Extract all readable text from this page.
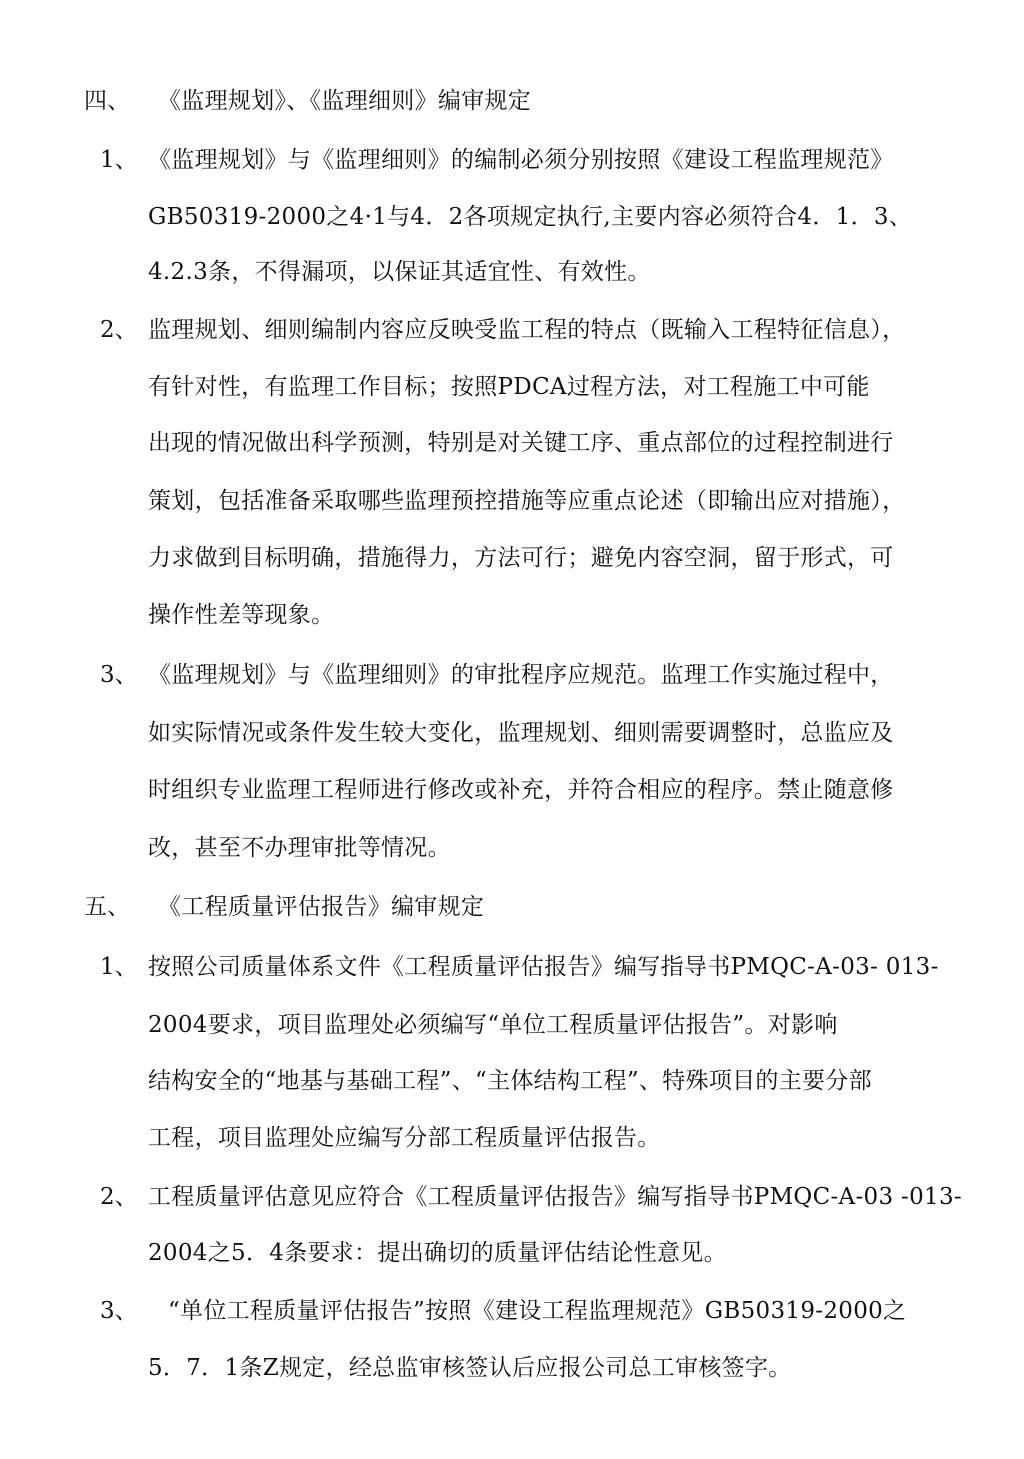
四、 《监理规划》、《监理细则》编审规定
1、 《监理规划》与《监理细则》的编制必须分别按照《建设工程监理规范》
GB50319-2000之4·1与4．2各项规定执行,主要内容必须符合4．1．3、
4.2.3条，不得漏项，以保证其适宜性、有效性。
2、 监理规划、细则编制内容应反映受监工程的特点（既输入工程特征信息），
有针对性，有监理工作目标；按照PDCA过程方法，对工程施工中可能
出现的情况做出科学预测，特别是对关键工序、重点部位的过程控制进行
策划，包括准备采取哪些监理预控措施等应重点论述（即输出应对措施），
力求做到目标明确，措施得力，方法可行；避免内容空洞，留于形式，可
操作性差等现象。
3、 《监理规划》与《监理细则》的审批程序应规范。监理工作实施过程中，
如实际情况或条件发生较大变化，监理规划、细则需要调整时，总监应及
时组织专业监理工程师进行修改或补充，并符合相应的程序。禁止随意修
改，甚至不办理审批等情况。
五、 《工程质量评估报告》编审规定
1、 按照公司质量体系文件《工程质量评估报告》编写指导书PMQC-A-03- 013-
2004要求，项目监理处必须编写“单位工程质量评估报告”。对影响
结构安全的“地基与基础工程”、“主体结构工程”、特殊项目的主要分部
工程，项目监理处应编写分部工程质量评估报告。
2、 工程质量评估意见应符合《工程质量评估报告》编写指导书PMQC-A-03 -013-
2004之5．4条要求：提出确切的质量评估结论性意见。
3、 “单位工程质量评估报告”按照《建设工程监理规范》GB50319-2000之
5．7．1条Z规定，经总监审核签认后应报公司总工审核签字。
